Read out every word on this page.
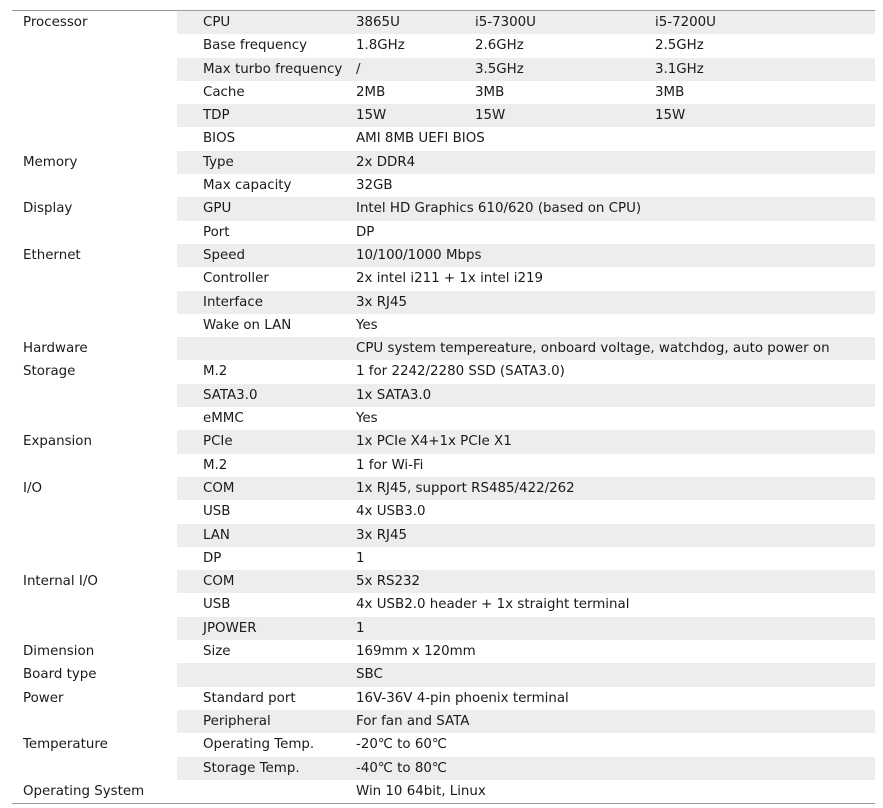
Processor	CPU	3865U	i5-7300U	i5-7200U
	Base frequency	1.8GHz	2.6GHz	2.5GHz
	Max turbo frequency	/	3.5GHz	3.1GHz
	Cache	2MB	3MB	3MB
	TDP	15W	15W	15W
	BIOS	AMI 8MB UEFI BIOS		
Memory	Type	2x DDR4		
	Max capacity	32GB		
Display	GPU	Intel HD Graphics 610/620 (based on CPU)		
	Port	DP		
Ethernet	Speed	10/100/1000 Mbps		
	Controller	2x intel i211 + 1x intel i219		
	Interface	3x RJ45		
	Wake on LAN	Yes		
Hardware		CPU system tempereature, onboard voltage, watchdog, auto power on		
Storage	M.2	1 for 2242/2280 SSD (SATA3.0)		
	SATA3.0	1x SATA3.0		
	eMMC	Yes		
Expansion	PCIe	1x PCIe X4+1x PCIe X1		
	M.2	1 for Wi-Fi		
I/O	COM	1x RJ45, support RS485/422/262		
	USB	4x USB3.0		
	LAN	3x RJ45		
	DP	1		
Internal I/O	COM	5x RS232		
	USB	4x USB2.0 header + 1x straight terminal		
	JPOWER	1		
Dimension	Size	169mm x 120mm		
Board type		SBC		
Power	Standard port	16V-36V 4-pin phoenix terminal		
	Peripheral	For fan and SATA		
Temperature	Operating Temp.	-20℃ to 60℃		
	Storage Temp.	-40℃ to 80℃		
Operating System		Win 10 64bit, Linux		
